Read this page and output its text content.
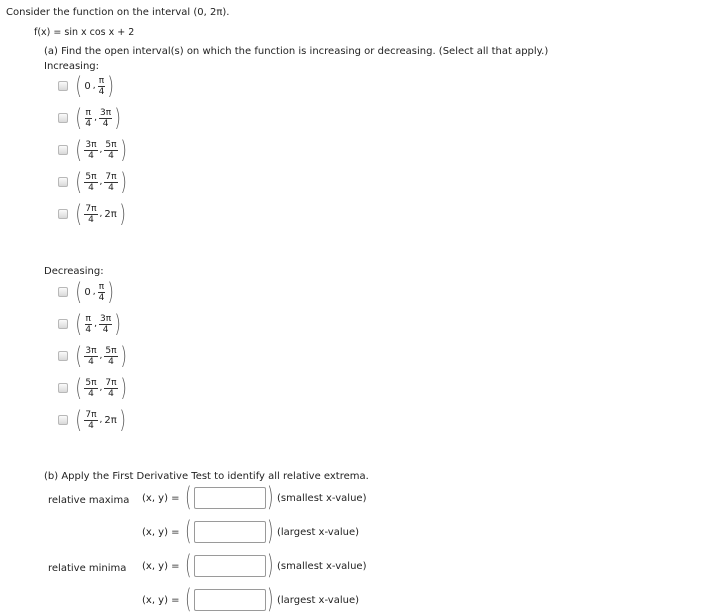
Consider the function on the interval (0, 2π).
f(x) = sin x cos x + 2
(a) Find the open interval(s) on which the function is increasing or decreasing. (Select all that apply.)
Increasing:
( 0 , $\frac{\pi}{4}$ )
( $\frac{\pi}{4}$ , $\frac{3\pi}{4}$ )
( $\frac{3\pi}{4}$ , $\frac{5\pi}{4}$ )
( $\frac{5\pi}{4}$ , $\frac{7\pi}{4}$ )
( $\frac{7\pi}{4}$ , 2π )
Decreasing:
( 0 , $\frac{\pi}{4}$ )
( $\frac{\pi}{4}$ , $\frac{3\pi}{4}$ )
( $\frac{3\pi}{4}$ , $\frac{5\pi}{4}$ )
( $\frac{5\pi}{4}$ , $\frac{7\pi}{4}$ )
( $\frac{7\pi}{4}$ , 2π )
(b) Apply the First Derivative Test to identify all relative extrema.
relative maxima (x, y) = (	) (smallest x-value)
(x, y) = (	) (largest x-value)
relative minima (x, y) = (	) (smallest x-value)
(x, y) = (	) (largest x-value)
